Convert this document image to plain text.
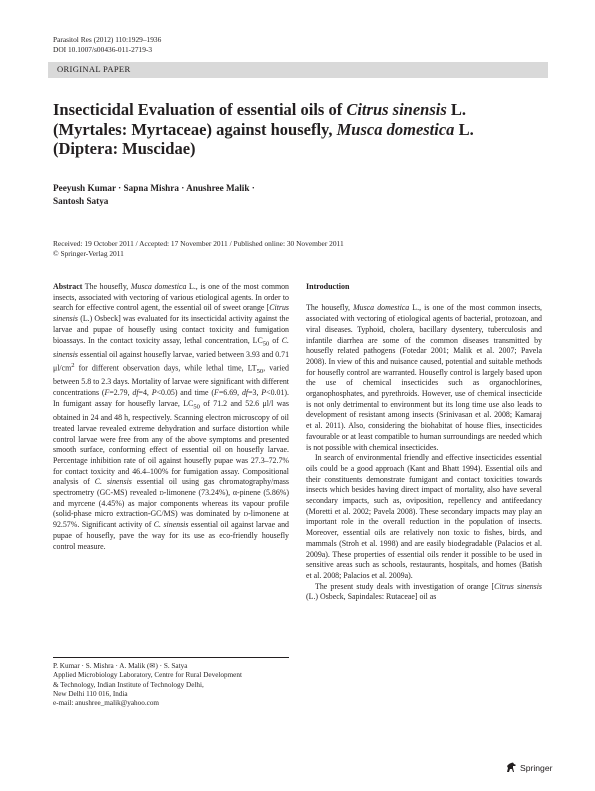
Parasitol Res (2012) 110:1929–1936
DOI 10.1007/s00436-011-2719-3
ORIGINAL PAPER
Insecticidal Evaluation of essential oils of Citrus sinensis L.
(Myrtales: Myrtaceae) against housefly, Musca domestica L.
(Diptera: Muscidae)
Peeyush Kumar · Sapna Mishra · Anushree Malik ·
Santosh Satya
Received: 19 October 2011 / Accepted: 17 November 2011 / Published online: 30 November 2011
© Springer-Verlag 2011

Abstract The housefly, Musca domestica L., is one of the most common insects, associated with vectoring of various etiological agents. In order to search for effective control agent, the essential oil of sweet orange [Citrus sinensis (L.) Osbeck] was evaluated for its insecticidal activity against the larvae and pupae of housefly using contact toxicity and fumigation bioassays. In the contact toxicity assay, lethal concentration, $LC_{50}$ of C. sinensis essential oil against housefly larvae, varied between 3.93 and 0.71 $\mu l/cm^2$ for different observation days, while lethal time, $LT_{50}$, varied between 5.8 to 2.3 days. Mortality of larvae were significant with different concentrations (F=2.79, df=4, P<0.05) and time (F=6.69, df=3, P<0.01). In fumigant assay for housefly larvae, $LC_{50}$ of 71.2 and 52.6 μl/l was obtained in 24 and 48 h, respectively. Scanning electron microscopy of oil treated larvae revealed extreme dehydration and surface distortion while control larvae were free from any of the above symptoms and presented smooth surface, conforming effect of essential oil on housefly larvae. Percentage inhibition rate of oil against housefly pupae was 27.3–72.7% for contact toxicity and 46.4–100% for fumigation assay. Compositional analysis of C. sinensis essential oil using gas chromatography/mass spectrometry (GC-MS) revealed d-limonene (73.24%), α-pinene (5.86%) and myrcene (4.45%) as major components whereas its vapour profile (solid-phase micro extraction-GC/MS) was dominated by d-limonene at 92.57%. Significant activity of C. sinensis essential oil against larvae and pupae of housefly, pave the way for its use as eco-friendly housefly control measure.

P. Kumar · S. Mishra · A. Malik (✉) · S. Satya
Applied Microbiology Laboratory, Centre for Rural Development
& Technology, Indian Institute of Technology Delhi,
New Delhi 110 016, India
e-mail: anushree_malik@yahoo.com

Introduction

The housefly, Musca domestica L., is one of the most common insects, associated with vectoring of etiological agents of bacterial, protozoan, and viral diseases. Typhoid, cholera, bacillary dysentery, tuberculosis and infantile diarrhea are some of the common diseases transmitted by housefly related pathogens (Fotedar 2001; Malik et al. 2007; Pavela 2008). In view of this and nuisance caused, potential and suitable methods for housefly control are warranted. Housefly control is largely based upon the use of chemical insecticides such as organochlorines, organophosphates, and pyrethroids. However, use of chemical insecticide is not only detrimental to environment but its long time use also leads to development of resistant among insects (Srinivasan et al. 2008; Kamaraj et al. 2011). Also, considering the biohabitat of house flies, insecticides favourable or at least compatible to human surroundings are needed which is not possible with chemical insecticides.

In search of environmental friendly and effective insecticides essential oils could be a good approach (Kant and Bhatt 1994). Essential oils and their constituents demonstrate fumigant and contact toxicities towards insects which besides having direct impact of mortality, also have several secondary impacts, such as, oviposition, repellency and antifeedancy (Moretti et al. 2002; Pavela 2008). These secondary impacts may play an important role in the overall reduction in the population of insects. Moreover, essential oils are relatively non toxic to fishes, birds, and mammals (Stroh et al. 1998) and are easily biodegradable (Palacios et al. 2009a). These properties of essential oils render it possible to be used in sensitive areas such as schools, restaurants, hospitals, and homes (Batish et al. 2008; Palacios et al. 2009a).

The present study deals with investigation of orange [Citrus sinensis (L.) Osbeck, Sapindales: Rutaceae] oil as

Springer
